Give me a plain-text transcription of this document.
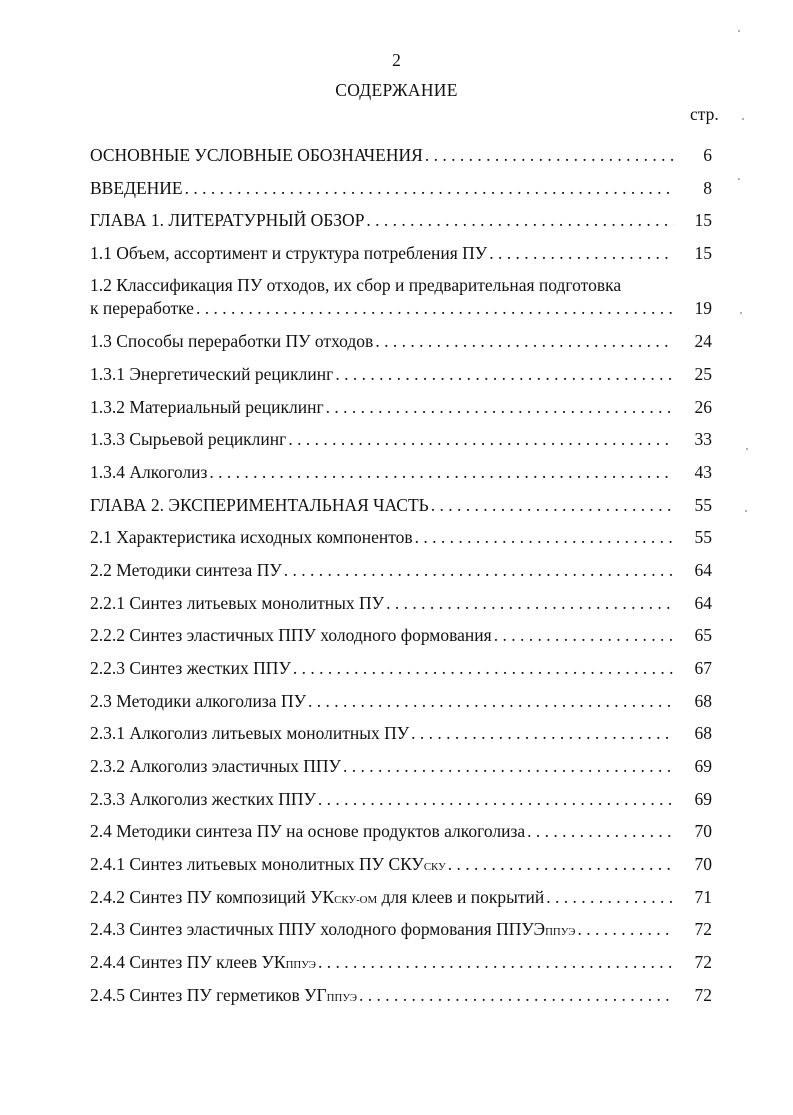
2
СОДЕРЖАНИЕ
стр.
ОСНОВНЫЕ УСЛОВНЫЕ ОБОЗНАЧЕНИЯ . . .	6
ВВЕДЕНИЕ . . .	8
ГЛАВА 1. ЛИТЕРАТУРНЫЙ ОБЗОР . . .	15
1.1 Объем, ассортимент и структура потребления ПУ . . .	15
1.2 Классификация ПУ отходов, их сбор и предварительная подготовка
к переработке . . .	19
1.3 Способы переработки ПУ отходов . . .	24
1.3.1 Энергетический рециклинг . . .	25
1.3.2 Материальный рециклинг . . .	26
1.3.3 Сырьевой рециклинг . . .	33
1.3.4 Алкоголиз . . .	43
ГЛАВА 2. ЭКСПЕРИМЕНТАЛЬНАЯ ЧАСТЬ . . .	55
2.1 Характеристика исходных компонентов . . .	55
2.2 Методики синтеза ПУ . . .	64
2.2.1 Синтез литьевых монолитных ПУ . . .	64
2.2.2 Синтез эластичных ППУ холодного формования . . .	65
2.2.3 Синтез жестких ППУ . . .	67
2.3 Методики алкоголиза ПУ . . .	68
2.3.1 Алкоголиз литьевых монолитных ПУ . . .	68
2.3.2 Алкоголиз эластичных ППУ . . .	69
2.3.3 Алкоголиз жестких ППУ . . .	69
2.4 Методики синтеза ПУ на основе продуктов алкоголиза . . .	70
2.4.1 Синтез литьевых монолитных ПУ СКУ СКУ . . .	70
2.4.2 Синтез ПУ композиций УК СКУ-ОМ для клеев и покрытий . . .	71
2.4.3 Синтез эластичных ППУ холодного формования ППУЭ ППУЭ . . .	72
2.4.4 Синтез ПУ клеев УК ППУЭ . . .	72
2.4.5 Синтез ПУ герметиков УГ ППУЭ . . .	72
